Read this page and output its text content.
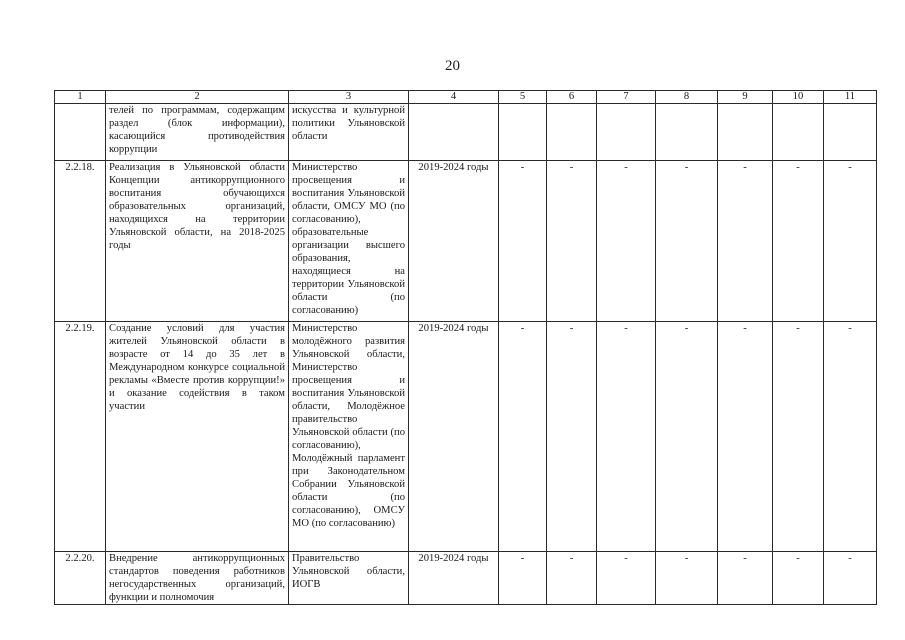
20
1	2	3	4	5	6	7	8	9	10	11
	телей по программам, содержащим раздел (блок информации), касающийся противодействия коррупции	искусства и культурной политики Ульяновской области								
2.2.18.	Реализация в Ульяновской области Концепции антикоррупционного воспитания обучающихся образовательных организаций, находящихся на территории Ульяновской области, на 2018-2025 годы	Министерство просвещения и воспитания Ульяновской области, ОМСУ МО (по согласованию), образовательные организации высшего образования, находящиеся на территории Ульяновской области (по согласованию)	2019-2024 годы	-	-	-	-	-	-	-
2.2.19.	Создание условий для участия жителей Ульяновской области в возрасте от 14 до 35 лет в Международном конкурсе социальной рекламы «Вместе против коррупции!» и оказание содействия в таком участии	Министерство молодёжного развития Ульяновской области, Министерство просвещения и воспитания Ульяновской области, Молодёжное правительство Ульяновской области (по согласованию), Молодёжный парламент при Законодательном Собрании Ульяновской области (по согласованию), ОМСУ МО (по согласованию)	2019-2024 годы	-	-	-	-	-	-	-
2.2.20.	Внедрение антикоррупционных стандартов поведения работников негосударственных организаций, функции и полномочия	Правительство Ульяновской области, ИОГВ	2019-2024 годы	-	-	-	-	-	-	-
